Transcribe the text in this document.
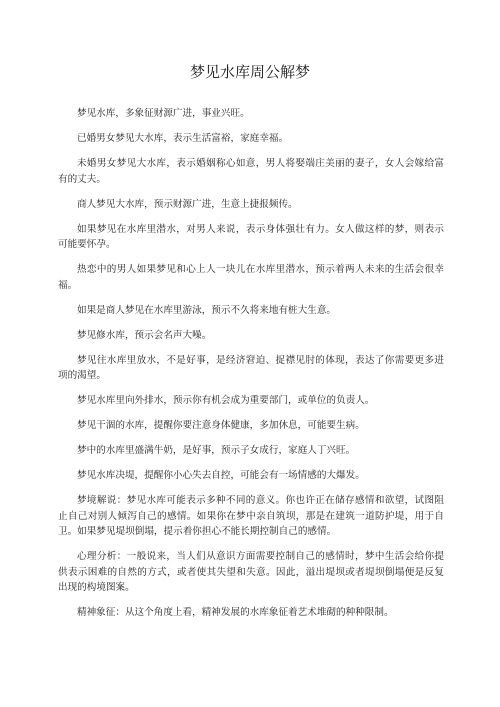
梦见水库周公解梦

梦见水库，多象征财源广进，事业兴旺。

已婚男女梦见大水库，表示生活富裕，家庭幸福。

未婚男女梦见大水库，表示婚姻称心如意，男人将娶端庄美丽的妻子，女人会嫁给富　有的丈夫。

商人梦见大水库，预示财源广进，生意上捷报频传。

如果梦见在水库里潜水，对男人来说，表示身体强壮有力。女人做这样的梦，则表示　可能要怀孕。

热恋中的男人如果梦见和心上人一块儿在水库里潜水，预示着两人未来的生活会很幸　福。

如果是商人梦见在水库里游泳，预示不久将来地有桩大生意。

梦见修水库，预示会名声大噪。

梦见往水库里放水，不是好事，是经济窘迫、捉襟见肘的体现，表达了你需要更多进　项的渴望。

梦见水库里向外排水，预示你有机会成为重要部门，或单位的负责人。

梦见干涸的水库，提醒你要注意身体健康，多加休息，可能要生病。

梦中的水库里盛满牛奶，是好事，预示子女成行，家庭人丁兴旺。

梦见水库决堤，提醒你小心失去自控，可能会有一场情感的大爆发。

梦境解说：梦见水库可能表示多种不同的意义。你也许正在储存感情和欲望，试图阻　止自己对别人倾泻自己的感情。如果你在梦中亲自筑坝，那是在建筑一道防护堤，用于自　卫。如果梦见堤坝倒塌，提示着你担心不能长期控制自己的感情。

心理分析：一般说来，当人们从意识方面需要控制自己的感情时，梦中生活会给你提　供表示困难的自然的方式，或者使其失望和失意。因此，溢出堤坝或者堤坝倒塌便是反复　出现的构境图案。

精神象征：从这个角度上看，精神发展的水库象征着艺术堆砌的种种限制。
